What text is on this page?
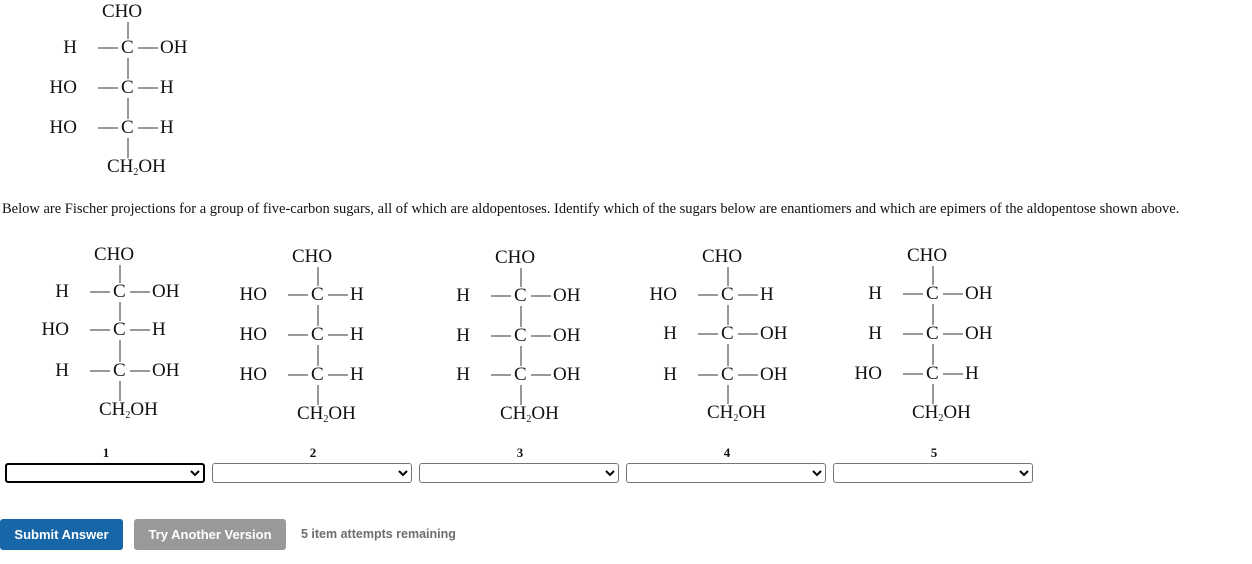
CHO
C
H	OH
C
HO	H
C
HO	H
$CH_2OH$
Below are Fischer projections for a group of five-carbon sugars, all of which are aldopentoses. Identify which of the sugars below are enantiomers and which are epimers of the aldopentose shown above.
CHO
C
H	OH
C
HO	H
C
H	OH
$CH_2OH$
CHO
C
HO	H
C
HO	H
C
HO	H
$CH_2OH$
CHO
C
H	OH
C
H	OH
C
H	OH
$CH_2OH$
CHO
C
HO	H
C
H	OH
C
H	OH
$CH_2OH$
CHO
C
H	OH
C
H	OH
C
HO	H
$CH_2OH$
1	2	3	4	5
Submit Answer	Try Another Version	5 item attempts remaining
